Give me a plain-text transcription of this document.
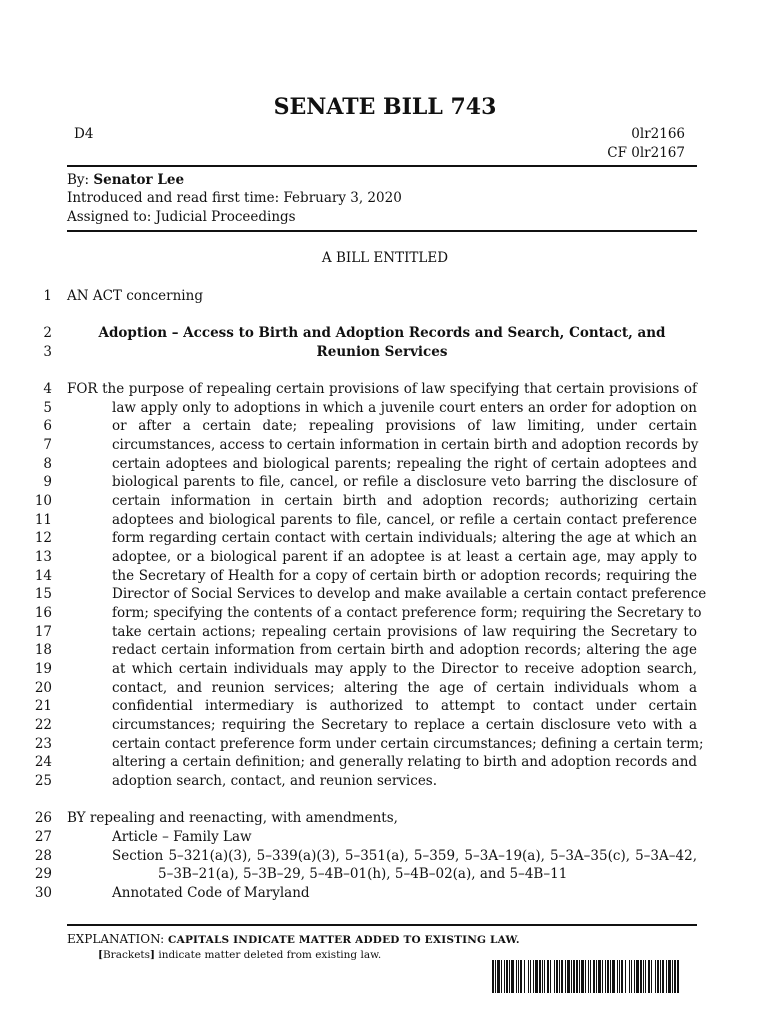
SENATE BILL 743
D4	0lr2166
CF 0lr2167
By: Senator Lee
Introduced and read first time: February 3, 2020
Assigned to: Judicial Proceedings
A BILL ENTITLED
1
2
3
4
5
6
7
8
9
10
11
12
13
14
15
16
17
18
19
20
21
22
23
24
25
26
27
28
29
30
AN ACT concerning
Adoption – Access to Birth and Adoption Records and Search, Contact, and
Reunion Services
FOR the purpose of repealing certain provisions of law specifying that certain provisions of
law apply only to adoptions in which a juvenile court enters an order for adoption on
or after a certain date; repealing provisions of law limiting, under certain
circumstances, access to certain information in certain birth and adoption records by
certain adoptees and biological parents; repealing the right of certain adoptees and
biological parents to file, cancel, or refile a disclosure veto barring the disclosure of
certain information in certain birth and adoption records; authorizing certain
adoptees and biological parents to file, cancel, or refile a certain contact preference
form regarding certain contact with certain individuals; altering the age at which an
adoptee, or a biological parent if an adoptee is at least a certain age, may apply to
the Secretary of Health for a copy of certain birth or adoption records; requiring the
Director of Social Services to develop and make available a certain contact preference
form; specifying the contents of a contact preference form; requiring the Secretary to
take certain actions; repealing certain provisions of law requiring the Secretary to
redact certain information from certain birth and adoption records; altering the age
at which certain individuals may apply to the Director to receive adoption search,
contact, and reunion services; altering the age of certain individuals whom a
confidential intermediary is authorized to attempt to contact under certain
circumstances; requiring the Secretary to replace a certain disclosure veto with a
certain contact preference form under certain circumstances; defining a certain term;
altering a certain definition; and generally relating to birth and adoption records and
adoption search, contact, and reunion services.
BY repealing and reenacting, with amendments,
Article – Family Law
Section 5–321(a)(3), 5–339(a)(3), 5–351(a), 5–359, 5–3A–19(a), 5–3A–35(c), 5–3A–42,
5–3B–21(a), 5–3B–29, 5–4B–01(h), 5–4B–02(a), and 5–4B–11
Annotated Code of Maryland
EXPLANATION: CAPITALS INDICATE MATTER ADDED TO EXISTING LAW.
[Brackets] indicate matter deleted from existing law.
